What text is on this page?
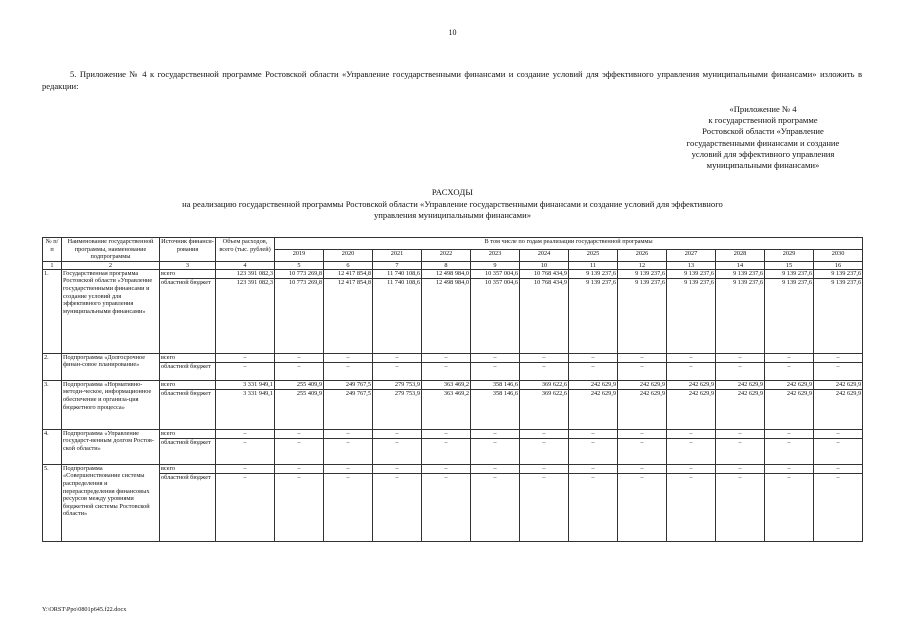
10
5. Приложение № 4 к государственной программе Ростовской области «Управление государственными финансами и создание условий для эффективного управления муниципальными финансами» изложить в редакции:
«Приложение № 4
к государственной программе
Ростовской области «Управление
государственными финансами и создание
условий для эффективного управления
муниципальными финансами»
РАСХОДЫ
на реализацию государственной программы Ростовской области «Управление государственными финансами и создание условий для эффективного управления муниципальными финансами»
№ п/п	Наименование государственной программы, наименование подпрограммы	Источник финанси-рования	Объем расходов, всего (тыс. рублей)	В том числе по годам реализации государственной программы											
				2019	2020	2021	2022	2023	2024	2025	2026	2027	2028	2029	2030
1	2	3	4	5	6	7	8	9	10	11	12	13	14	15	16
1.	Государственная программа Ростовской области «Управление государственными финансами и создание условий для эффективного управления муниципальными финансами»	всего	123 391 082,3	10 773 269,8	12 417 854,8	11 740 108,6	12 498 984,0	10 357 004,6	10 768 434,9	9 139 237,6	9 139 237,6	9 139 237,6	9 139 237,6	9 139 237,6	9 139 237,6
		областной бюджет	123 391 082,3	10 773 269,8	12 417 854,8	11 740 108,6	12 498 984,0	10 357 004,6	10 768 434,9	9 139 237,6	9 139 237,6	9 139 237,6	9 139 237,6	9 139 237,6	9 139 237,6
2.	Подпрограмма «Долгосрочное финан-совое планирование»	всего	–	–	–	–	–	–	–	–	–	–	–	–	–
		областной бюджет	–	–	–	–	–	–	–	–	–	–	–	–	–
3.	Подпрограмма «Нормативно-методи-ческое, информационное обеспечение и организа-ция бюджетного процесса»	всего	3 331 949,1	255 409,9	249 767,5	279 753,9	363 469,2	358 146,6	369 622,6	242 629,9	242 629,9	242 629,9	242 629,9	242 629,9	242 629,9
		областной бюджет	3 331 949,1	255 409,9	249 767,5	279 753,9	363 469,2	358 146,6	369 622,6	242 629,9	242 629,9	242 629,9	242 629,9	242 629,9	242 629,9
4.	Подпрограмма «Управление государст-венным долгом Ростов-ской области»	всего	–	–	–	–	–	–	–	–	–	–	–	–	–
		областной бюджет	–	–	–	–	–	–	–	–	–	–	–	–	–
5.	Подпрограмма «Совершенствование системы распределения и перераспределения финансовых ресурсов между уровнями бюджетной системы Ростовской области»	всего	–	–	–	–	–	–	–	–	–	–	–	–	–
		областной бюджет	–	–	–	–	–	–	–	–	–	–	–	–	–
Y:\ORST\Ppo\0801p645.f22.docx
